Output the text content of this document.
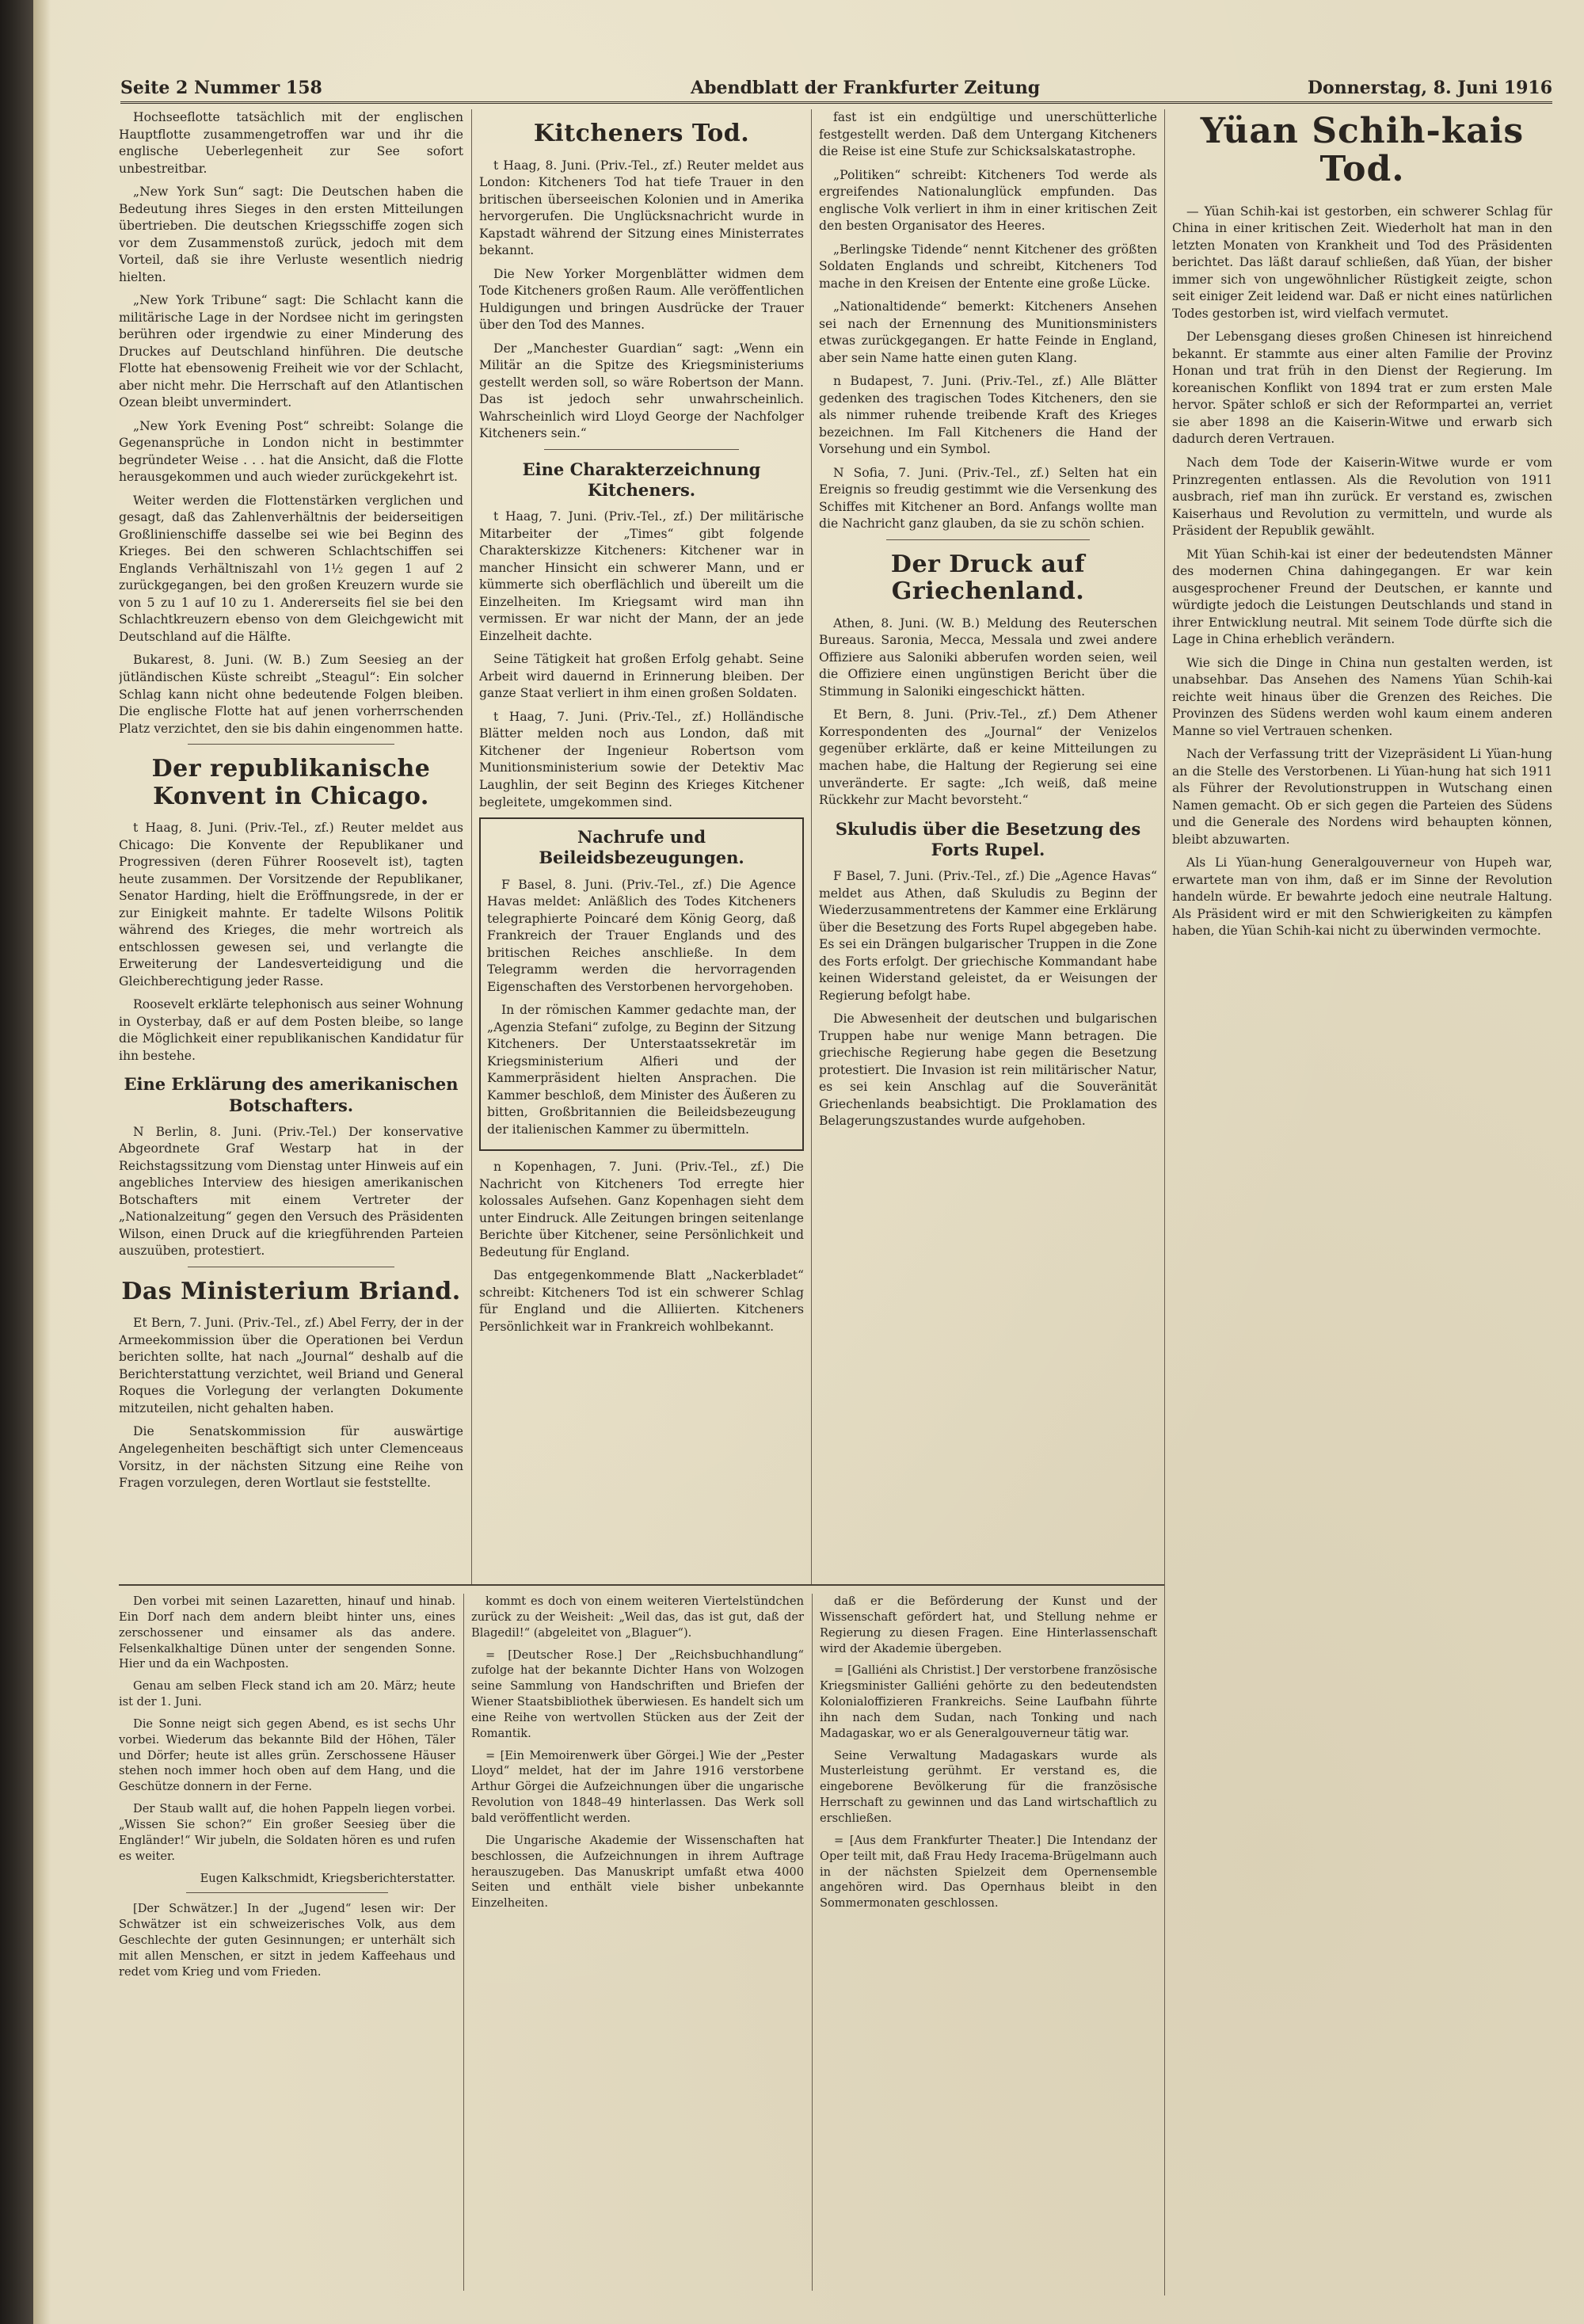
Seite 2 Nummer 158	Abendblatt der Frankfurter Zeitung	Donnerstag, 8. Juni 1916

Hochseeflotte tatsächlich mit der englischen Hauptflotte zusammengetroffen war und ihr die englische Ueberlegenheit zur See sofort unbestreitbar.

„New York Sun“ sagt: Die Deutschen haben die Bedeutung ihres Sieges in den ersten Mitteilungen übertrieben. Die deutschen Kriegsschiffe zogen sich vor dem Zusammenstoß zurück, jedoch mit dem Vorteil, daß sie ihre Verluste wesentlich niedrig hielten.

„New York Tribune“ sagt: Die Schlacht kann die militärische Lage in der Nordsee nicht im geringsten berühren oder irgendwie zu einer Minderung des Druckes auf Deutschland hinführen. Die deutsche Flotte hat ebensowenig Freiheit wie vor der Schlacht, aber nicht mehr. Die Herrschaft auf den Atlantischen Ozean bleibt unvermindert.

„New York Evening Post“ schreibt: Solange die Gegenansprüche in London nicht in bestimmter begründeter Weise . . . hat die Ansicht, daß die Flotte herausgekommen und auch wieder zurückgekehrt ist.

Weiter werden die Flottenstärken verglichen und gesagt, daß das Zahlenverhältnis der beiderseitigen Großlinienschiffe dasselbe sei wie bei Beginn des Krieges. Bei den schweren Schlachtschiffen sei Englands Verhältniszahl von 1½ gegen 1 auf 2 zurückgegangen, bei den großen Kreuzern wurde sie von 5 zu 1 auf 10 zu 1. Andererseits fiel sie bei den Schlachtkreuzern ebenso von dem Gleichgewicht mit Deutschland auf die Hälfte.

Bukarest, 8. Juni. (W. B.) Zum Seesieg an der jütländischen Küste schreibt „Steagul“: Ein solcher Schlag kann nicht ohne bedeutende Folgen bleiben. Die englische Flotte hat auf jenen vorherrschenden Platz verzichtet, den sie bis dahin eingenommen hatte.

Der republikanische Konvent in Chicago.

t Haag, 8. Juni. (Priv.-Tel., zf.) Reuter meldet aus Chicago: Die Konvente der Republikaner und Progressiven (deren Führer Roosevelt ist), tagten heute zusammen. Der Vorsitzende der Republikaner, Senator Harding, hielt die Eröffnungsrede, in der er zur Einigkeit mahnte. Er tadelte Wilsons Politik während des Krieges, die mehr wortreich als entschlossen gewesen sei, und verlangte die Erweiterung der Landesverteidigung und die Gleichberechtigung jeder Rasse.

Roosevelt erklärte telephonisch aus seiner Wohnung in Oysterbay, daß er auf dem Posten bleibe, so lange die Möglichkeit einer republikanischen Kandidatur für ihn bestehe.

Eine Erklärung des amerikanischen Botschafters.

N Berlin, 8. Juni. (Priv.-Tel.) Der konservative Abgeordnete Graf Westarp hat in der Reichstagssitzung vom Dienstag unter Hinweis auf ein angebliches Interview des hiesigen amerikanischen Botschafters mit einem Vertreter der „Nationalzeitung“ gegen den Versuch des Präsidenten Wilson, einen Druck auf die kriegführenden Parteien auszuüben, protestiert.

Das Ministerium Briand.

Et Bern, 7. Juni. (Priv.-Tel., zf.) Abel Ferry, der in der Armeekommission über die Operationen bei Verdun berichten sollte, hat nach „Journal“ deshalb auf die Berichterstattung verzichtet, weil Briand und General Roques die Vorlegung der verlangten Dokumente mitzuteilen, nicht gehalten haben.

Die Senatskommission für auswärtige Angelegenheiten beschäftigt sich unter Clemenceaus Vorsitz, in der nächsten Sitzung eine Reihe von Fragen vorzulegen, deren Wortlaut sie feststellte.

Kitcheners Tod.

t Haag, 8. Juni. (Priv.-Tel., zf.) Reuter meldet aus London: Kitcheners Tod hat tiefe Trauer in den britischen überseeischen Kolonien und in Amerika hervorgerufen. Die Unglücksnachricht wurde in Kapstadt während der Sitzung eines Ministerrates bekannt.

Die New Yorker Morgenblätter widmen dem Tode Kitcheners großen Raum. Alle veröffentlichen Huldigungen und bringen Ausdrücke der Trauer über den Tod des Mannes.

Der „Manchester Guardian“ sagt: „Wenn ein Militär an die Spitze des Kriegsministeriums gestellt werden soll, so wäre Robertson der Mann. Das ist jedoch sehr unwahrscheinlich. Wahrscheinlich wird Lloyd George der Nachfolger Kitcheners sein.“

Eine Charakterzeichnung Kitcheners.

t Haag, 7. Juni. (Priv.-Tel., zf.) Der militärische Mitarbeiter der „Times“ gibt folgende Charakterskizze Kitcheners: Kitchener war in mancher Hinsicht ein schwerer Mann, und er kümmerte sich oberflächlich und übereilt um die Einzelheiten. Im Kriegsamt wird man ihn vermissen. Er war nicht der Mann, der an jede Einzelheit dachte.

Seine Tätigkeit hat großen Erfolg gehabt. Seine Arbeit wird dauernd in Erinnerung bleiben. Der ganze Staat verliert in ihm einen großen Soldaten.

t Haag, 7. Juni. (Priv.-Tel., zf.) Holländische Blätter melden noch aus London, daß mit Kitchener der Ingenieur Robertson vom Munitionsministerium sowie der Detektiv Mac Laughlin, der seit Beginn des Krieges Kitchener begleitete, umgekommen sind.

Nachrufe und Beileidsbezeugungen.

F Basel, 8. Juni. (Priv.-Tel., zf.) Die Agence Havas meldet: Anläßlich des Todes Kitcheners telegraphierte Poincaré dem König Georg, daß Frankreich der Trauer Englands und des britischen Reiches anschließe. In dem Telegramm werden die hervorragenden Eigenschaften des Verstorbenen hervorgehoben.

In der römischen Kammer gedachte man, der „Agenzia Stefani“ zufolge, zu Beginn der Sitzung Kitcheners. Der Unterstaatssekretär im Kriegsministerium Alfieri und der Kammerpräsident hielten Ansprachen. Die Kammer beschloß, dem Minister des Äußeren zu bitten, Großbritannien die Beileidsbezeugung der italienischen Kammer zu übermitteln.

n Kopenhagen, 7. Juni. (Priv.-Tel., zf.) Die Nachricht von Kitcheners Tod erregte hier kolossales Aufsehen. Ganz Kopenhagen sieht dem unter Eindruck. Alle Zeitungen bringen seitenlange Berichte über Kitchener, seine Persönlichkeit und Bedeutung für England.

Das entgegenkommende Blatt „Nackerbladet“ schreibt: Kitcheners Tod ist ein schwerer Schlag für England und die Alliierten. Kitcheners Persönlichkeit war in Frankreich wohlbekannt.

fast ist ein endgültige und unerschütterliche festgestellt werden. Daß dem Untergang Kitcheners die Reise ist eine Stufe zur Schicksalskatastrophe.

„Politiken“ schreibt: Kitcheners Tod werde als ergreifendes Nationalunglück empfunden. Das englische Volk verliert in ihm in einer kritischen Zeit den besten Organisator des Heeres.

„Berlingske Tidende“ nennt Kitchener des größten Soldaten Englands und schreibt, Kitcheners Tod mache in den Kreisen der Entente eine große Lücke.

„Nationaltidende“ bemerkt: Kitcheners Ansehen sei nach der Ernennung des Munitionsministers etwas zurückgegangen. Er hatte Feinde in England, aber sein Name hatte einen guten Klang.

n Budapest, 7. Juni. (Priv.-Tel., zf.) Alle Blätter gedenken des tragischen Todes Kitcheners, den sie als nimmer ruhende treibende Kraft des Krieges bezeichnen. Im Fall Kitcheners die Hand der Vorsehung und ein Symbol.

N Sofia, 7. Juni. (Priv.-Tel., zf.) Selten hat ein Ereignis so freudig gestimmt wie die Versenkung des Schiffes mit Kitchener an Bord. Anfangs wollte man die Nachricht ganz glauben, da sie zu schön schien.

Der Druck auf Griechenland.

Athen, 8. Juni. (W. B.) Meldung des Reuterschen Bureaus. Saronia, Mecca, Messala und zwei andere Offiziere aus Saloniki abberufen worden seien, weil die Offiziere einen ungünstigen Bericht über die Stimmung in Saloniki eingeschickt hätten.

Et Bern, 8. Juni. (Priv.-Tel., zf.) Dem Athener Korrespondenten des „Journal“ der Venizelos gegenüber erklärte, daß er keine Mitteilungen zu machen habe, die Haltung der Regierung sei eine unveränderte. Er sagte: „Ich weiß, daß meine Rückkehr zur Macht bevorsteht.“

Skuludis über die Besetzung des Forts Rupel.

F Basel, 7. Juni. (Priv.-Tel., zf.) Die „Agence Havas“ meldet aus Athen, daß Skuludis zu Beginn der Wiederzusammentretens der Kammer eine Erklärung über die Besetzung des Forts Rupel abgegeben habe. Es sei ein Drängen bulgarischer Truppen in die Zone des Forts erfolgt. Der griechische Kommandant habe keinen Widerstand geleistet, da er Weisungen der Regierung befolgt habe.

Die Abwesenheit der deutschen und bulgarischen Truppen habe nur wenige Mann betragen. Die griechische Regierung habe gegen die Besetzung protestiert. Die Invasion ist rein militärischer Natur, es sei kein Anschlag auf die Souveränität Griechenlands beabsichtigt. Die Proklamation des Belagerungszustandes wurde aufgehoben.

Yüan Schih-kais Tod.

— Yüan Schih-kai ist gestorben, ein schwerer Schlag für China in einer kritischen Zeit. Wiederholt hat man in den letzten Monaten von Krankheit und Tod des Präsidenten berichtet. Das läßt darauf schließen, daß Yüan, der bisher immer sich von ungewöhnlicher Rüstigkeit zeigte, schon seit einiger Zeit leidend war. Daß er nicht eines natürlichen Todes gestorben ist, wird vielfach vermutet.

Der Lebensgang dieses großen Chinesen ist hinreichend bekannt. Er stammte aus einer alten Familie der Provinz Honan und trat früh in den Dienst der Regierung. Im koreanischen Konflikt von 1894 trat er zum ersten Male hervor. Später schloß er sich der Reformpartei an, verriet sie aber 1898 an die Kaiserin-Witwe und erwarb sich dadurch deren Vertrauen.

Nach dem Tode der Kaiserin-Witwe wurde er vom Prinzregenten entlassen. Als die Revolution von 1911 ausbrach, rief man ihn zurück. Er verstand es, zwischen Kaiserhaus und Revolution zu vermitteln, und wurde als Präsident der Republik gewählt.

Mit Yüan Schih-kai ist einer der bedeutendsten Männer des modernen China dahingegangen. Er war kein ausgesprochener Freund der Deutschen, er kannte und würdigte jedoch die Leistungen Deutschlands und stand in ihrer Entwicklung neutral. Mit seinem Tode dürfte sich die Lage in China erheblich verändern.

Wie sich die Dinge in China nun gestalten werden, ist unabsehbar. Das Ansehen des Namens Yüan Schih-kai reichte weit hinaus über die Grenzen des Reiches. Die Provinzen des Südens werden wohl kaum einem anderen Manne so viel Vertrauen schenken.

Nach der Verfassung tritt der Vizepräsident Li Yüan-hung an die Stelle des Verstorbenen. Li Yüan-hung hat sich 1911 als Führer der Revolutionstruppen in Wutschang einen Namen gemacht. Ob er sich gegen die Parteien des Südens und die Generale des Nordens wird behaupten können, bleibt abzuwarten.

Als Li Yüan-hung Generalgouverneur von Hupeh war, erwartete man von ihm, daß er im Sinne der Revolution handeln würde. Er bewahrte jedoch eine neutrale Haltung. Als Präsident wird er mit den Schwierigkeiten zu kämpfen haben, die Yüan Schih-kai nicht zu überwinden vermochte.

Den vorbei mit seinen Lazaretten, hinauf und hinab. Ein Dorf nach dem andern bleibt hinter uns, eines zerschossener und einsamer als das andere. Felsenkalkhaltige Dünen unter der sengenden Sonne. Hier und da ein Wachposten.

Genau am selben Fleck stand ich am 20. März; heute ist der 1. Juni.

Die Sonne neigt sich gegen Abend, es ist sechs Uhr vorbei. Wiederum das bekannte Bild der Höhen, Täler und Dörfer; heute ist alles grün. Zerschossene Häuser stehen noch immer hoch oben auf dem Hang, und die Geschütze donnern in der Ferne.

Der Staub wallt auf, die hohen Pappeln liegen vorbei. „Wissen Sie schon?“ Ein großer Seesieg über die Engländer!“ Wir jubeln, die Soldaten hören es und rufen es weiter.

Eugen Kalkschmidt, Kriegsberichterstatter.

[Der Schwätzer.] In der „Jugend“ lesen wir: Der Schwätzer ist ein schweizerisches Volk, aus dem Geschlechte der guten Gesinnungen; er unterhält sich mit allen Menschen, er sitzt in jedem Kaffeehaus und redet vom Krieg und vom Frieden.

kommt es doch von einem weiteren Viertelstündchen zurück zu der Weisheit: „Weil das, das ist gut, daß der Blagedil!“ (abgeleitet von „Blaguer“).

= [Deutscher Rose.] Der „Reichsbuchhandlung“ zufolge hat der bekannte Dichter Hans von Wolzogen seine Sammlung von Handschriften und Briefen der Wiener Staatsbibliothek überwiesen. Es handelt sich um eine Reihe von wertvollen Stücken aus der Zeit der Romantik.

= [Ein Memoirenwerk über Görgei.] Wie der „Pester Lloyd“ meldet, hat der im Jahre 1916 verstorbene Arthur Görgei die Aufzeichnungen über die ungarische Revolution von 1848–49 hinterlassen. Das Werk soll bald veröffentlicht werden.

Die Ungarische Akademie der Wissenschaften hat beschlossen, die Aufzeichnungen in ihrem Auftrage herauszugeben. Das Manuskript umfaßt etwa 4000 Seiten und enthält viele bisher unbekannte Einzelheiten.

daß er die Beförderung der Kunst und der Wissenschaft gefördert hat, und Stellung nehme er Regierung zu diesen Fragen. Eine Hinterlassenschaft wird der Akademie übergeben.

= [Galliéni als Christist.] Der verstorbene französische Kriegsminister Galliéni gehörte zu den bedeutendsten Kolonialoffizieren Frankreichs. Seine Laufbahn führte ihn nach dem Sudan, nach Tonking und nach Madagaskar, wo er als Generalgouverneur tätig war.

Seine Verwaltung Madagaskars wurde als Musterleistung gerühmt. Er verstand es, die eingeborene Bevölkerung für die französische Herrschaft zu gewinnen und das Land wirtschaftlich zu erschließen.

= [Aus dem Frankfurter Theater.] Die Intendanz der Oper teilt mit, daß Frau Hedy Iracema-Brügelmann auch in der nächsten Spielzeit dem Opernensemble angehören wird. Das Opernhaus bleibt in den Sommermonaten geschlossen.
